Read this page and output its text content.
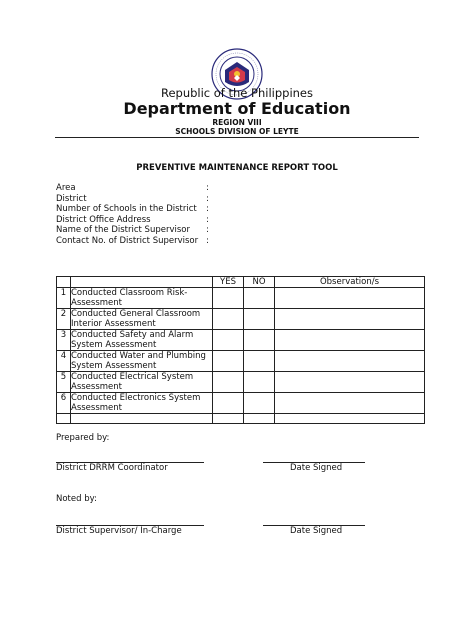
Republic of the Philippines
Department of Education
REGION VIII
SCHOOLS DIVISION OF LEYTE
PREVENTIVE MAINTENANCE REPORT TOOL
Area	:
District	:
Number of Schools in the District :
District Office Address	:
Name of the District Supervisor :
Contact No. of District Supervisor :
		YES	NO	Observation/s
1	Conducted Classroom Risk-Assessment			
2	Conducted General Classroom Interior Assessment			
3	Conducted Safety and Alarm System Assessment			
4	Conducted Water and Plumbing System Assessment			
5	Conducted Electrical System Assessment			
6	Conducted Electronics System Assessment			

Prepared by:
District DRRM Coordinator	Date Signed
Noted by:
District Supervisor/ In-Charge	Date Signed
